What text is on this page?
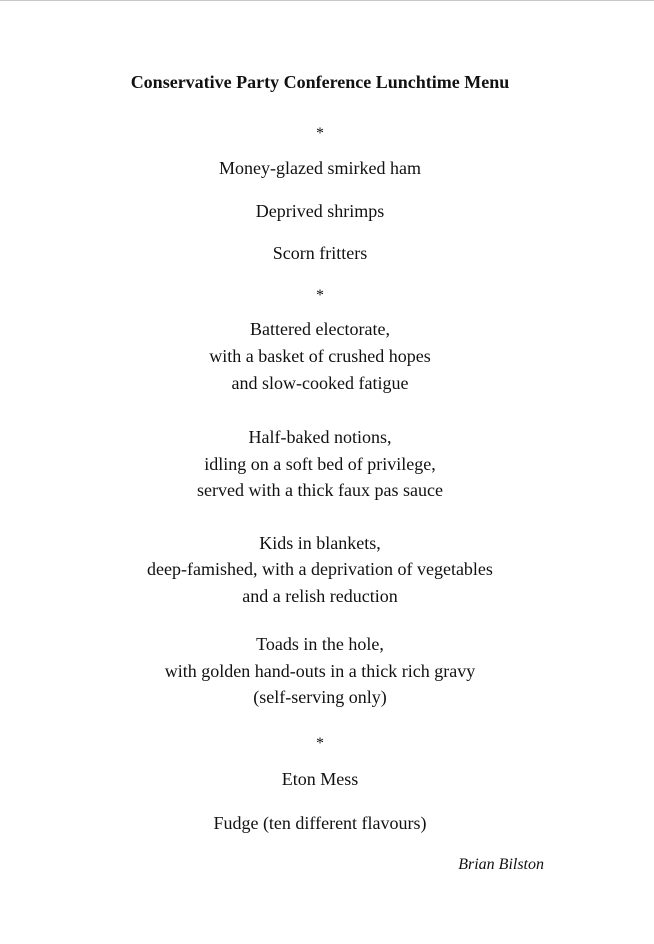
Conservative Party Conference Lunchtime Menu
*
Money-glazed smirked ham
Deprived shrimps
Scorn fritters
*
Battered electorate,
with a basket of crushed hopes
and slow-cooked fatigue
Half-baked notions,
idling on a soft bed of privilege,
served with a thick faux pas sauce
Kids in blankets,
deep-famished, with a deprivation of vegetables
and a relish reduction
Toads in the hole,
with golden hand-outs in a thick rich gravy
(self-serving only)
*
Eton Mess
Fudge (ten different flavours)
Brian Bilston
